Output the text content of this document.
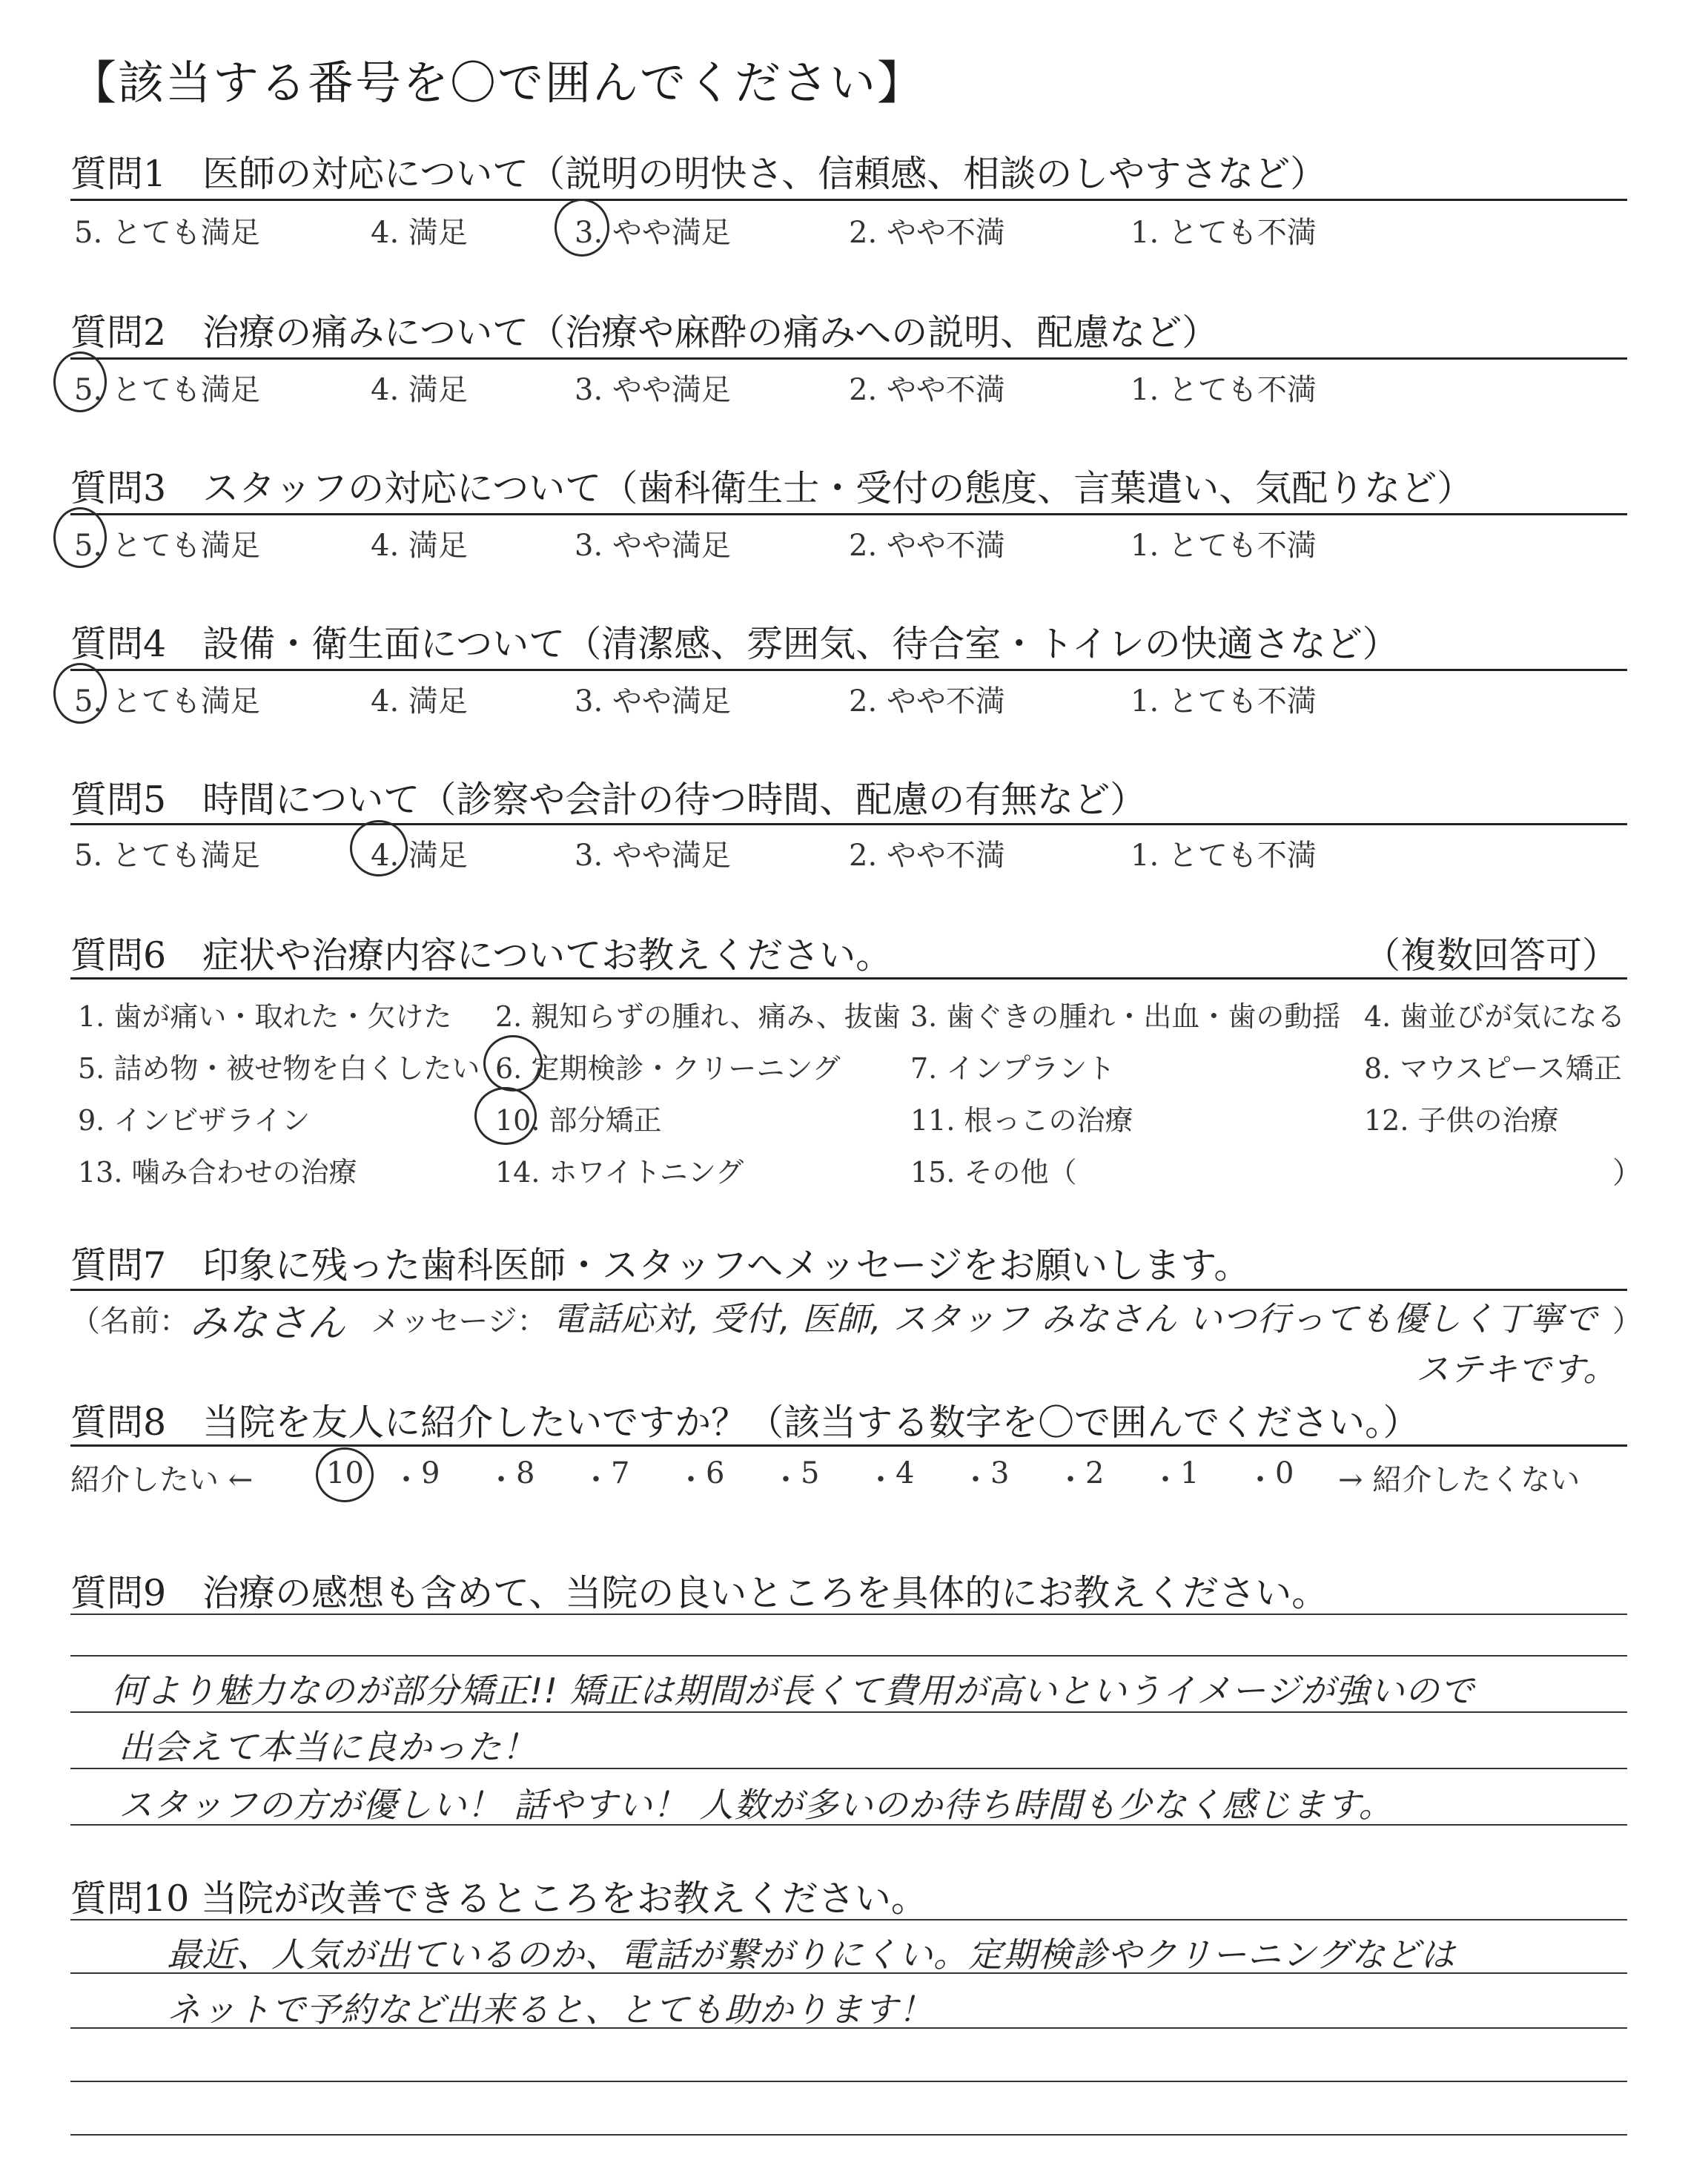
【該当する番号を〇で囲んでください】
質問1　医師の対応について（説明の明快さ、信頼感、相談のしやすさなど）
5. とても満足	4. 満足	3. やや満足	2. やや不満	1. とても不満
質問2　治療の痛みについて（治療や麻酔の痛みへの説明、配慮など）
5. とても満足	4. 満足	3. やや満足	2. やや不満	1. とても不満
質問3　スタッフの対応について（歯科衛生士・受付の態度、言葉遣い、気配りなど）
5. とても満足	4. 満足	3. やや満足	2. やや不満	1. とても不満
質問4　設備・衛生面について（清潔感、雰囲気、待合室・トイレの快適さなど）
5. とても満足	4. 満足	3. やや満足	2. やや不満	1. とても不満
質問5　時間について（診察や会計の待つ時間、配慮の有無など）
5. とても満足	4. 満足	3. やや満足	2. やや不満	1. とても不満
質問6　症状や治療内容についてお教えください。	（複数回答可）
1. 歯が痛い・取れた・欠けた 2. 親知らずの腫れ、痛み、抜歯 3. 歯ぐきの腫れ・出血・歯の動揺 4. 歯並びが気になる
5. 詰め物・被せ物を白くしたい 6. 定期検診・クリーニング 7. インプラント	8. マウスピース矯正
9. インビザライン	10. 部分矯正	11. 根っこの治療	12. 子供の治療
13. 噛み合わせの治療	14. ホワイトニング	15. その他（	）
質問7　印象に残った歯科医師・スタッフへメッセージをお願いします。
（名前： みなさん メッセージ： 電話応対, 受付, 医師, スタッフ みなさん いつ行っても優しく丁寧で
ステキです。
）
質問8　当院を友人に紹介したいですか？（該当する数字を〇で囲んでください。）
紹介したい ←	→ 紹介したくない
10 ・ 9 ・ 8 ・ 7 ・ 6 ・ 5 ・ 4 ・ 3 ・ 2 ・ 1 ・ 0
質問9　治療の感想も含めて、当院の良いところを具体的にお教えください。
何より魅力なのが部分矯正!! 矯正は期間が長くて費用が高いというイメージが強いので
出会えて本当に良かった！
スタッフの方が優しい！ 話やすい！ 人数が多いのか待ち時間も少なく感じます。
質問10 当院が改善できるところをお教えください。
最近、人気が出ているのか、電話が繋がりにくい。定期検診やクリーニングなどは
ネットで予約など出来ると、とても助かります！
